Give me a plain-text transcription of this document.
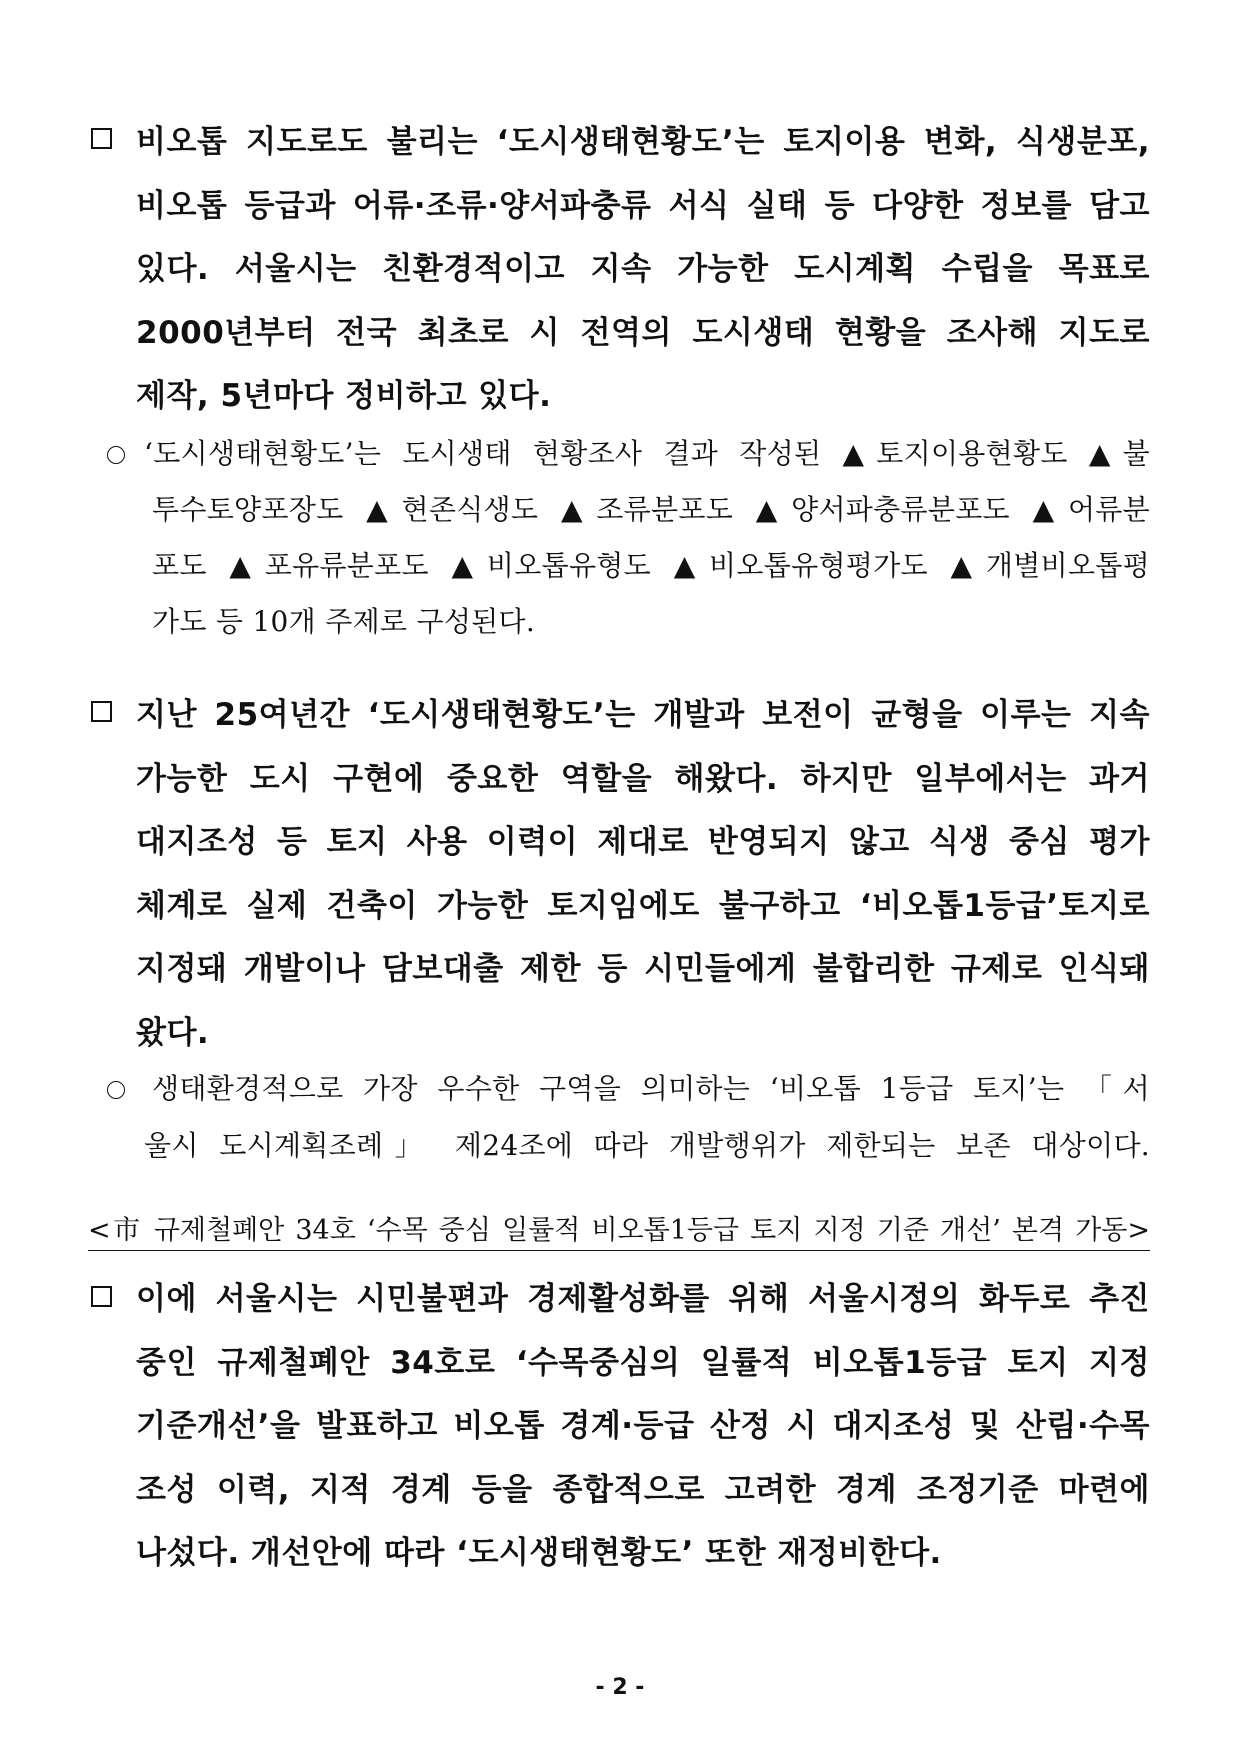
비오톱 지도로도 불리는 ‘도시생태현황도’는 토지이용 변화, 식생분포,
비오톱 등급과 어류·조류·양서파충류 서식 실태 등 다양한 정보를 담고
있다. 서울시는 친환경적이고 지속 가능한 도시계획 수립을 목표로
2000년부터 전국 최초로 시 전역의 도시생태 현황을 조사해 지도로
제작, 5년마다 정비하고 있다.
‘도시생태현황도’는 도시생태 현황조사 결과 작성된 ▲토지이용현황도 ▲불
투수토양포장도 ▲현존식생도 ▲조류분포도 ▲양서파충류분포도 ▲어류분
포도 ▲포유류분포도 ▲비오톱유형도 ▲비오톱유형평가도 ▲개별비오톱평
가도 등 10개 주제로 구성된다.
지난 25여년간 ‘도시생태현황도’는 개발과 보전이 균형을 이루는 지속
가능한 도시 구현에 중요한 역할을 해왔다. 하지만 일부에서는 과거
대지조성 등 토지 사용 이력이 제대로 반영되지 않고 식생 중심 평가
체계로 실제 건축이 가능한 토지임에도 불구하고 ‘비오톱1등급’토지로
지정돼 개발이나 담보대출 제한 등 시민들에게 불합리한 규제로 인식돼
왔다.
생태환경적으로 가장 우수한 구역을 의미하는 ‘비오톱 1등급 토지’는 「서
울시 도시계획조례」 제24조에 따라 개발행위가 제한되는 보존 대상이다.
<市 규제철폐안 34호 ‘수목 중심 일률적 비오톱1등급 토지 지정 기준 개선’ 본격 가동>
이에 서울시는 시민불편과 경제활성화를 위해 서울시정의 화두로 추진
중인 규제철폐안 34호로 ‘수목중심의 일률적 비오톱1등급 토지 지정
기준개선’을 발표하고 비오톱 경계·등급 산정 시 대지조성 및 산림·수목
조성 이력, 지적 경계 등을 종합적으로 고려한 경계 조정기준 마련에
나섰다. 개선안에 따라 ‘도시생태현황도’ 또한 재정비한다.
- 2 -
